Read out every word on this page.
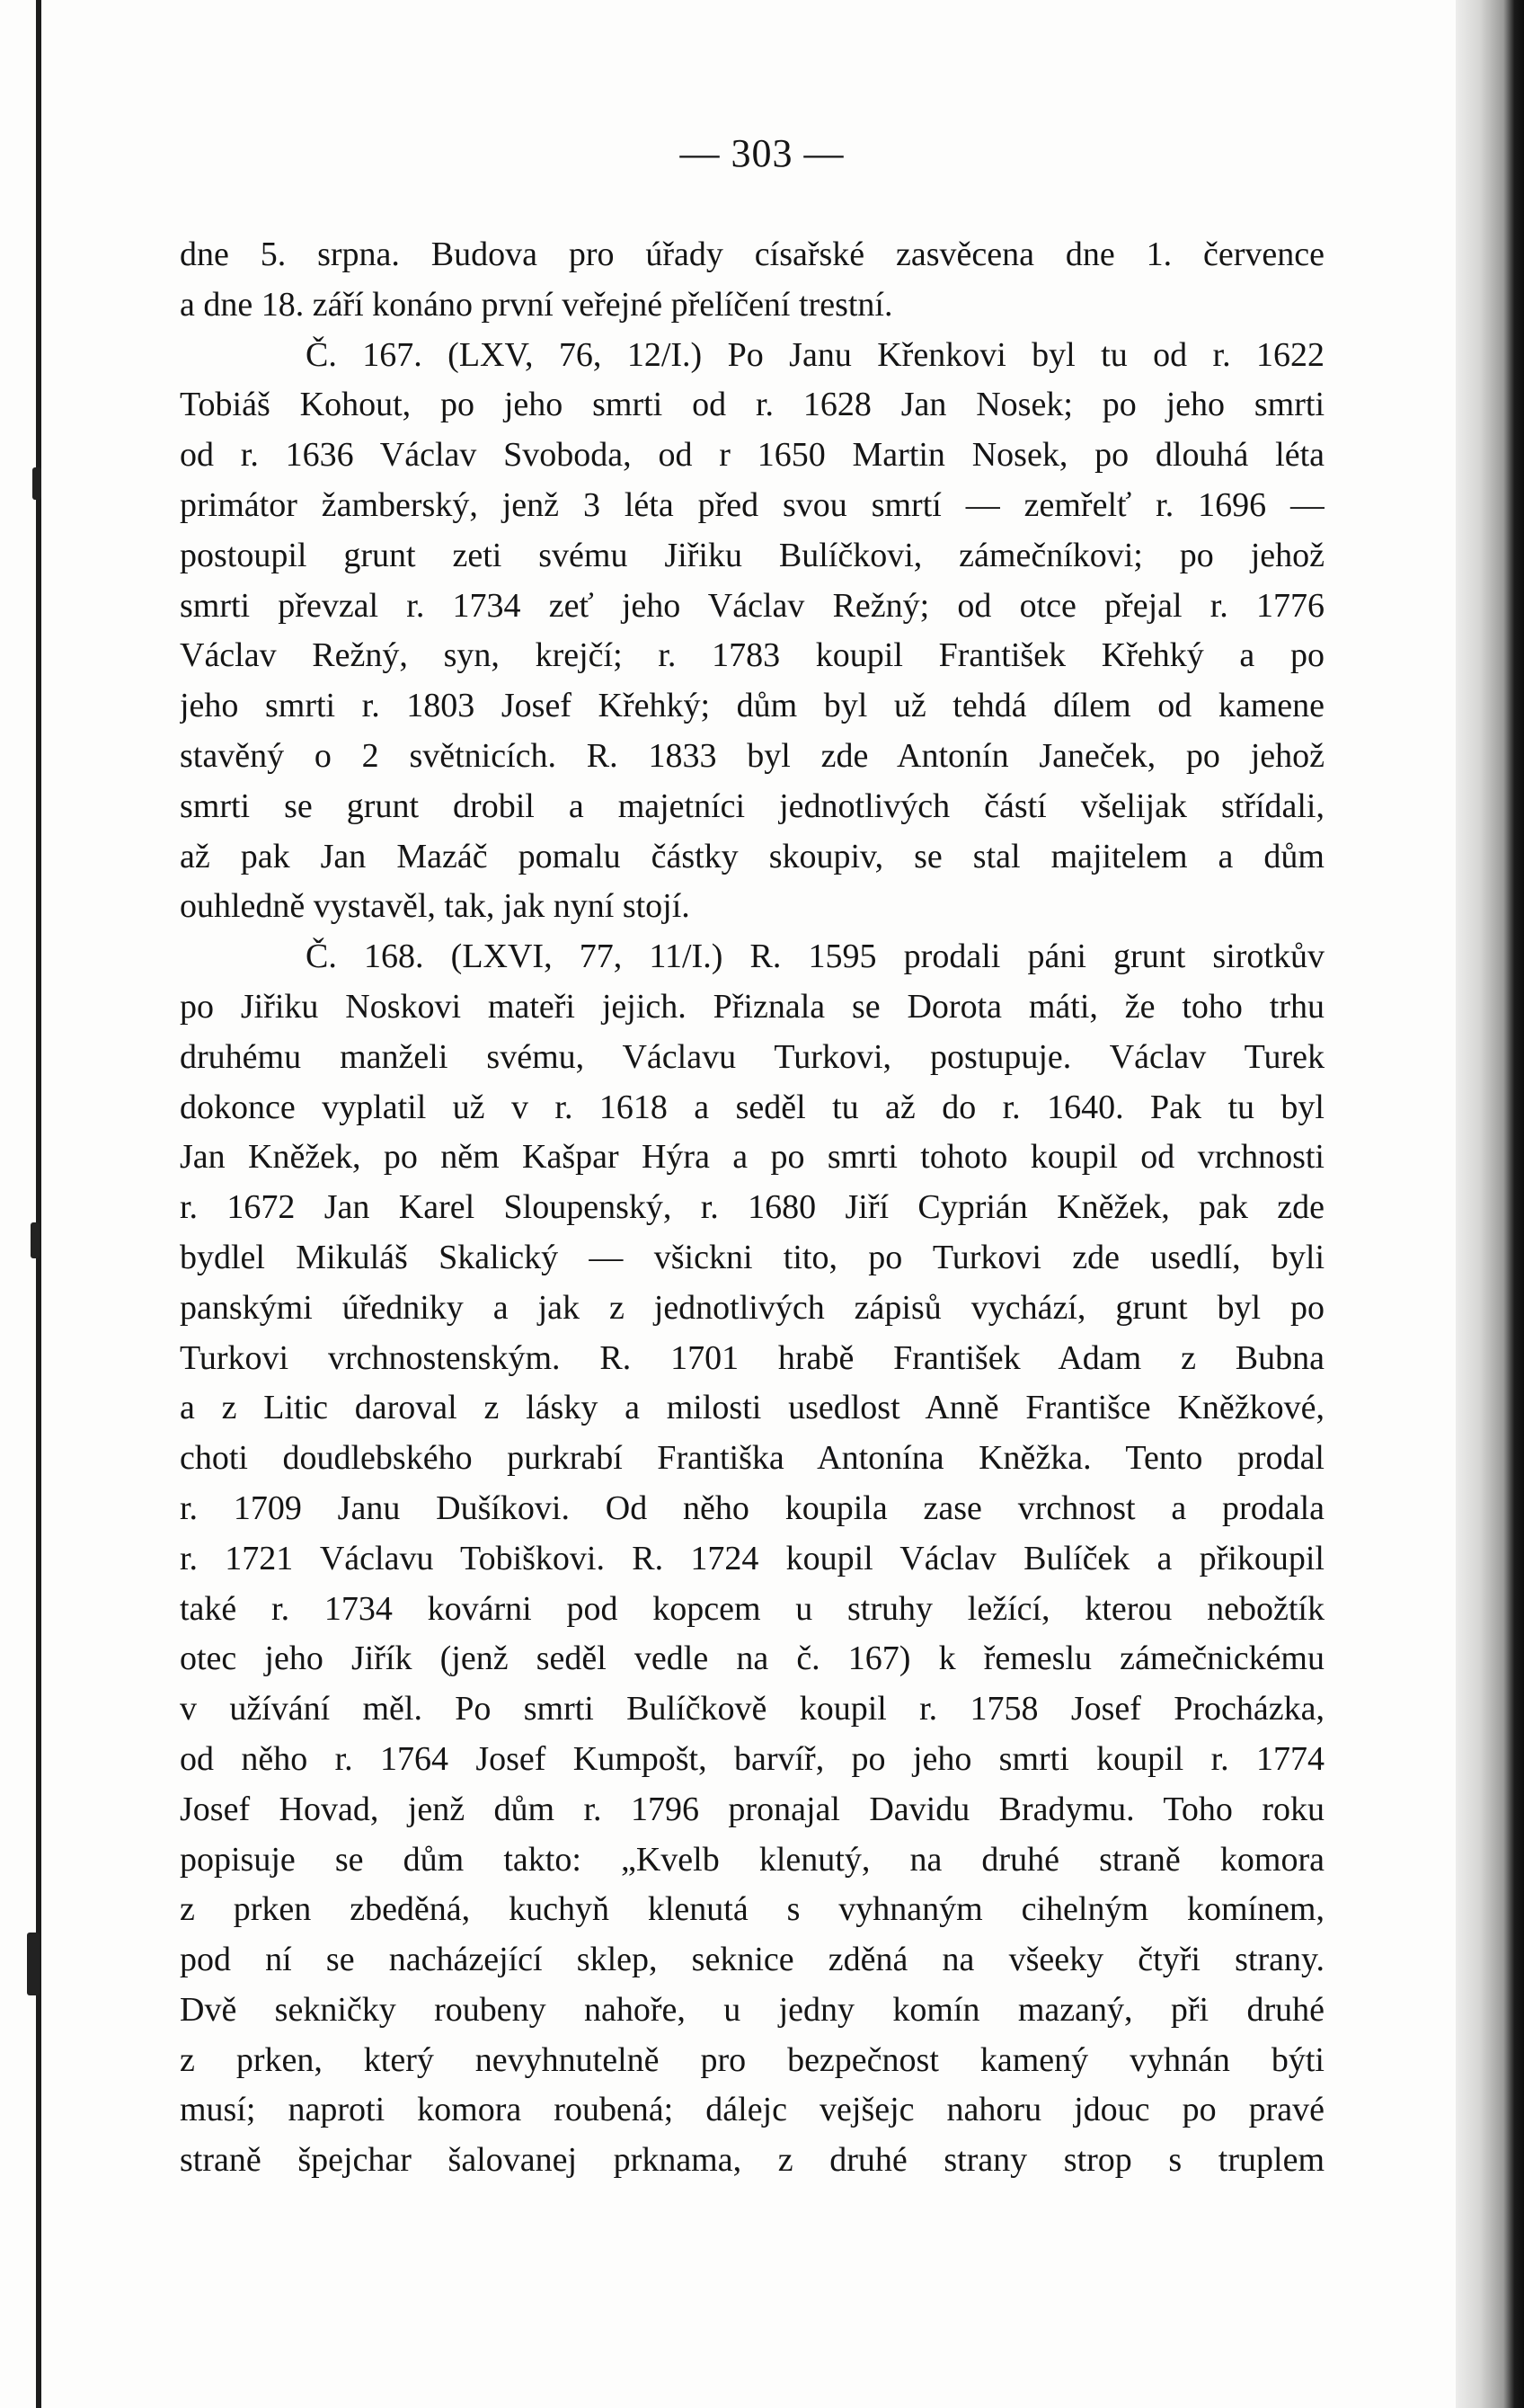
— 303 —
dne 5. srpna. Budova pro úřady císařské zasvěcena dne 1. července
a dne 18. září konáno první veřejné přelíčení trestní.
Č. 167. (LXV, 76, 12/I.) Po Janu Křenkovi byl tu od r. 1622
Tobiáš Kohout, po jeho smrti od r. 1628 Jan Nosek; po jeho smrti
od r. 1636 Václav Svoboda, od r 1650 Martin Nosek, po dlouhá léta
primátor žamberský, jenž 3 léta před svou smrtí — zemřelť r. 1696 —
postoupil grunt zeti svému Jiřiku Bulíčkovi, zámečníkovi; po jehož
smrti převzal r. 1734 zeť jeho Václav Režný; od otce přejal r. 1776
Václav Režný, syn, krejčí; r. 1783 koupil František Křehký a po
jeho smrti r. 1803 Josef Křehký; dům byl už tehdá dílem od kamene
stavěný o 2 světnicích. R. 1833 byl zde Antonín Janeček, po jehož
smrti se grunt drobil a majetníci jednotlivých částí všelijak střídali,
až pak Jan Mazáč pomalu částky skoupiv, se stal majitelem a dům
ouhledně vystavěl, tak, jak nyní stojí.
Č. 168. (LXVI, 77, 11/I.) R. 1595 prodali páni grunt sirotkův
po Jiřiku Noskovi mateři jejich. Přiznala se Dorota máti, že toho trhu
druhému manželi svému, Václavu Turkovi, postupuje. Václav Turek
dokonce vyplatil už v r. 1618 a seděl tu až do r. 1640. Pak tu byl
Jan Kněžek, po něm Kašpar Hýra a po smrti tohoto koupil od vrchnosti
r. 1672 Jan Karel Sloupenský, r. 1680 Jiří Cyprián Kněžek, pak zde
bydlel Mikuláš Skalický — všickni tito, po Turkovi zde usedlí, byli
panskými úředniky a jak z jednotlivých zápisů vychází, grunt byl po
Turkovi vrchnostenským. R. 1701 hrabě František Adam z Bubna
a z Litic daroval z lásky a milosti usedlost Anně Františce Kněžkové,
choti doudlebského purkrabí Františka Antonína Kněžka. Tento prodal
r. 1709 Janu Dušíkovi. Od něho koupila zase vrchnost a prodala
r. 1721 Václavu Tobiškovi. R. 1724 koupil Václav Bulíček a přikoupil
také r. 1734 kovárni pod kopcem u struhy ležící, kterou nebožtík
otec jeho Jiřík (jenž seděl vedle na č. 167) k řemeslu zámečnickému
v užívání měl. Po smrti Bulíčkově koupil r. 1758 Josef Procházka,
od něho r. 1764 Josef Kumpošt, barvíř, po jeho smrti koupil r. 1774
Josef Hovad, jenž dům r. 1796 pronajal Davidu Bradymu. Toho roku
popisuje se dům takto: „Kvelb klenutý, na druhé straně komora
z prken zbeděná, kuchyň klenutá s vyhnaným cihelným komínem,
pod ní se nacházející sklep, seknice zděná na všeeky čtyři strany.
Dvě sekničky roubeny nahoře, u jedny komín mazaný, při druhé
z prken, který nevyhnutelně pro bezpečnost kamený vyhnán býti
musí; naproti komora roubená; dálejc vejšejc nahoru jdouc po pravé
straně špejchar šalovanej prknama, z druhé strany strop s truplem
